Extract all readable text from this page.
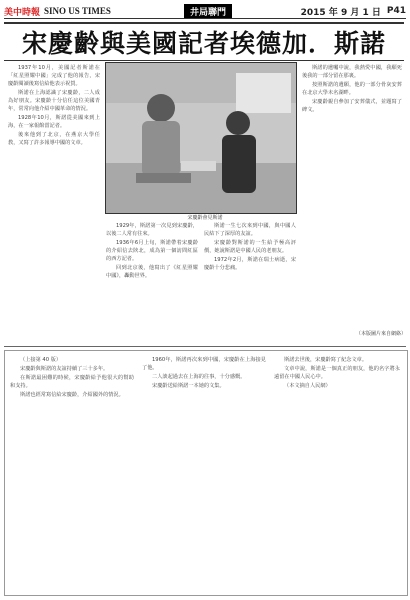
美中時報 SINO US TIMES	井局聯門	2015 年 9 月 1 日 P41
宋慶齡與美國記者埃德加．斯諾

1937年10月，美國記者斯諾在「紅星照耀中國」完成了他的報告，宋慶齡閱讀後寫信給他表示祝賀。

斯諾在上海認識了宋慶齡，二人成為好朋友。宋慶齡十分信任這位美國青年，常常向他介紹中國革命的情況。

1928年10月，斯諾從美國來到上海，在一家報館當記者。

後來他到了北京，在燕京大學任教，又寫了許多報導中國的文章。

宋慶齡會見斯諾

1929年，斯諾第一次見到宋慶齡，以後二人常有往來。

1936年6月上旬，斯諾帶着宋慶齡的介紹信去陝北，成為第一個訪問紅區的西方記者。

回到北京後，他寫出了《紅星照耀中國》，轟動世界。

斯諾一生七次來到中國，與中國人民結下了深厚的友誼。

宋慶齡對斯諾的一生給予極高評價，她說斯諾是中國人民的老朋友。

1972年2月，斯諾在瑞士病逝，宋慶齡十分悲痛。

斯諾的遺囑中說，我熱愛中國，我願死後我的一部分留在那裏。

按照斯諾的遺願，他的一部分骨灰安葬在北京大學未名湖畔。

宋慶齡親自參加了安葬儀式，並題寫了碑文。

（本版圖片來自網絡）

（上接第 40 版）

宋慶齡與斯諾的友誼持續了三十多年。

在斯諾最困難的時候，宋慶齡給予他很大的幫助和支持。

斯諾也經常寫信給宋慶齡，介紹國外的情況。

1960年，斯諾再次來到中國，宋慶齡在上海接見了他。

二人談起過去在上海的往事，十分感慨。

宋慶齡送給斯諾一本她的文集。

斯諾去世後，宋慶齡寫了紀念文章。

文章中說，斯諾是一個真正的朋友，他的名字將永遠留在中國人民心中。

（本文摘自人民網）
